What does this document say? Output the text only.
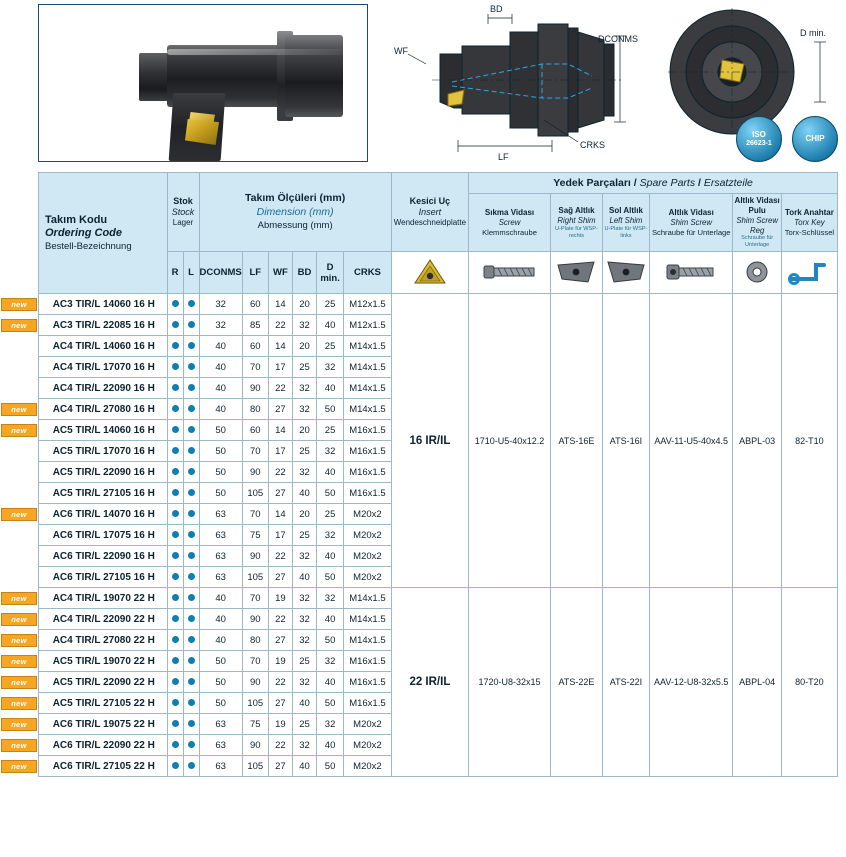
BD
WF
LF
DCONMS
CRKS
D min.
ISO
26623-1
CHIP
Takım Kodu
Ordering Code
Bestell-Bezeichnung

Stok
Stock
Lager

Takım Ölçüleri (mm)
Dimension (mm)
Abmessung (mm)

Kesici Uç
Insert
Wendeschneidplatte
	Yedek Parçaları / Spare Parts / Ersatzteile

Sıkma Vidası
Screw
Klemmschraube

Sağ Altlık
Right Shim
U-Plate für WSP-rechts

Sol Altlık
Left Shim
U-Plate für WSP-links

Altlık Vidası
Shim Screw
Schraube für Unterlage

Altlık Vidası Pulu
Shim Screw Reg
Schraube für Unterlage

Tork Anahtar
Torx Key
Torx-Schlüssel

	R	L	DCONMS	LF	WF	BD	D min.	CRKS							

new AC3 TIR/L 14060 16 H			32	60	14	20	25	M12x1.5	16 IR/IL	1710-U5-40x12.2	ATS-16E	ATS-16I	AAV-11-U5-40x4.5	ABPL-03	82-T10

new AC3 TIR/L 22085 16 H			32	85	22	32	40	M12x1.5							
AC4 TIR/L 14060 16 H			40	60	14	20	25	M14x1.5							
AC4 TIR/L 17070 16 H			40	70	17	25	32	M14x1.5							
AC4 TIR/L 22090 16 H			40	90	22	32	40	M14x1.5							

new AC4 TIR/L 27080 16 H			40	80	27	32	50	M14x1.5							

new AC5 TIR/L 14060 16 H			50	60	14	20	25	M16x1.5							
AC5 TIR/L 17070 16 H			50	70	17	25	32	M16x1.5							
AC5 TIR/L 22090 16 H			50	90	22	32	40	M16x1.5							
AC5 TIR/L 27105 16 H			50	105	27	40	50	M16x1.5							

new AC6 TIR/L 14070 16 H			63	70	14	20	25	M20x2							
AC6 TIR/L 17075 16 H			63	75	17	25	32	M20x2							
AC6 TIR/L 22090 16 H			63	90	22	32	40	M20x2							
AC6 TIR/L 27105 16 H			63	105	27	40	50	M20x2							

new AC4 TIR/L 19070 22 H			40	70	19	32	32	M14x1.5	22 IR/IL	1720-U8-32x15	ATS-22E	ATS-22I	AAV-12-U8-32x5.5	ABPL-04	80-T20

new AC4 TIR/L 22090 22 H			40	90	22	32	40	M14x1.5							

new AC4 TIR/L 27080 22 H			40	80	27	32	50	M14x1.5							

new AC5 TIR/L 19070 22 H			50	70	19	25	32	M16x1.5							

new AC5 TIR/L 22090 22 H			50	90	22	32	40	M16x1.5							

new AC5 TIR/L 27105 22 H			50	105	27	40	50	M16x1.5							

new AC6 TIR/L 19075 22 H			63	75	19	25	32	M20x2							

new AC6 TIR/L 22090 22 H			63	90	22	32	40	M20x2							

new AC6 TIR/L 27105 22 H			63	105	27	40	50	M20x2							
